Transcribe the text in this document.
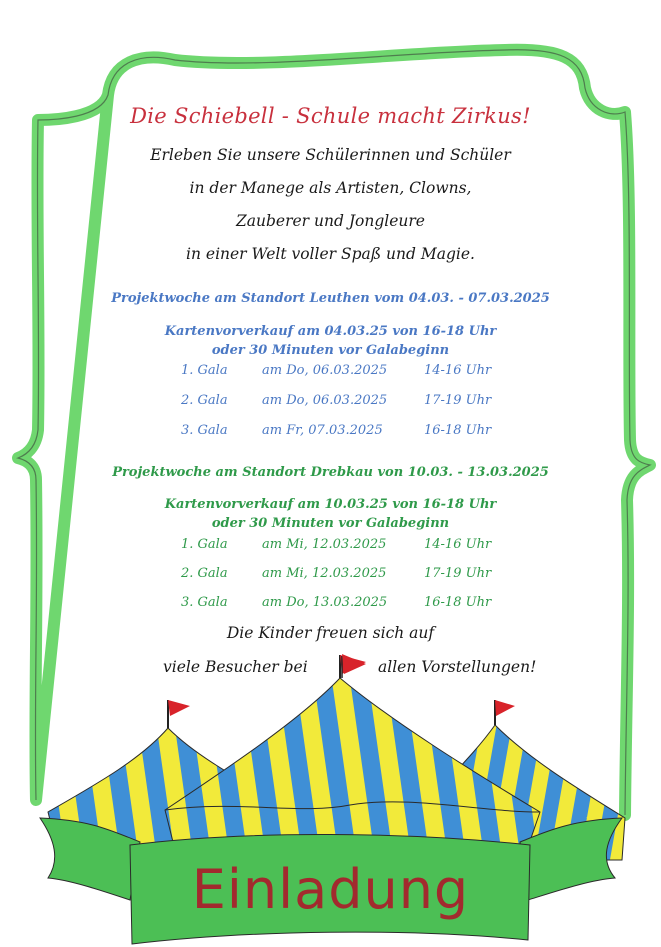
Die Schiebell - Schule macht Zirkus!
Erleben Sie unsere Schülerinnen und Schüler
in der Manege als Artisten, Clowns,
Zauberer und Jongleure
in einer Welt voller Spaß und Magie.
Projektwoche am Standort Leuthen vom 04.03. - 07.03.2025
Kartenvorverkauf am 04.03.25 von 16-18 Uhr
oder 30 Minuten vor Galabeginn
1. Gala	am Do, 06.03.2025	14-16 Uhr
2. Gala	am Do, 06.03.2025	17-19 Uhr
3. Gala	am Fr, 07.03.2025	16-18 Uhr
Projektwoche am Standort Drebkau von 10.03. - 13.03.2025
Kartenvorverkauf am 10.03.25 von 16-18 Uhr
oder 30 Minuten vor Galabeginn
1. Gala	am Mi, 12.03.2025	14-16 Uhr
2. Gala	am Mi, 12.03.2025	17-19 Uhr
3. Gala	am Do, 13.03.2025	16-18 Uhr
Die Kinder freuen sich auf
viele Besucher bei	allen Vorstellungen!
Einladung
